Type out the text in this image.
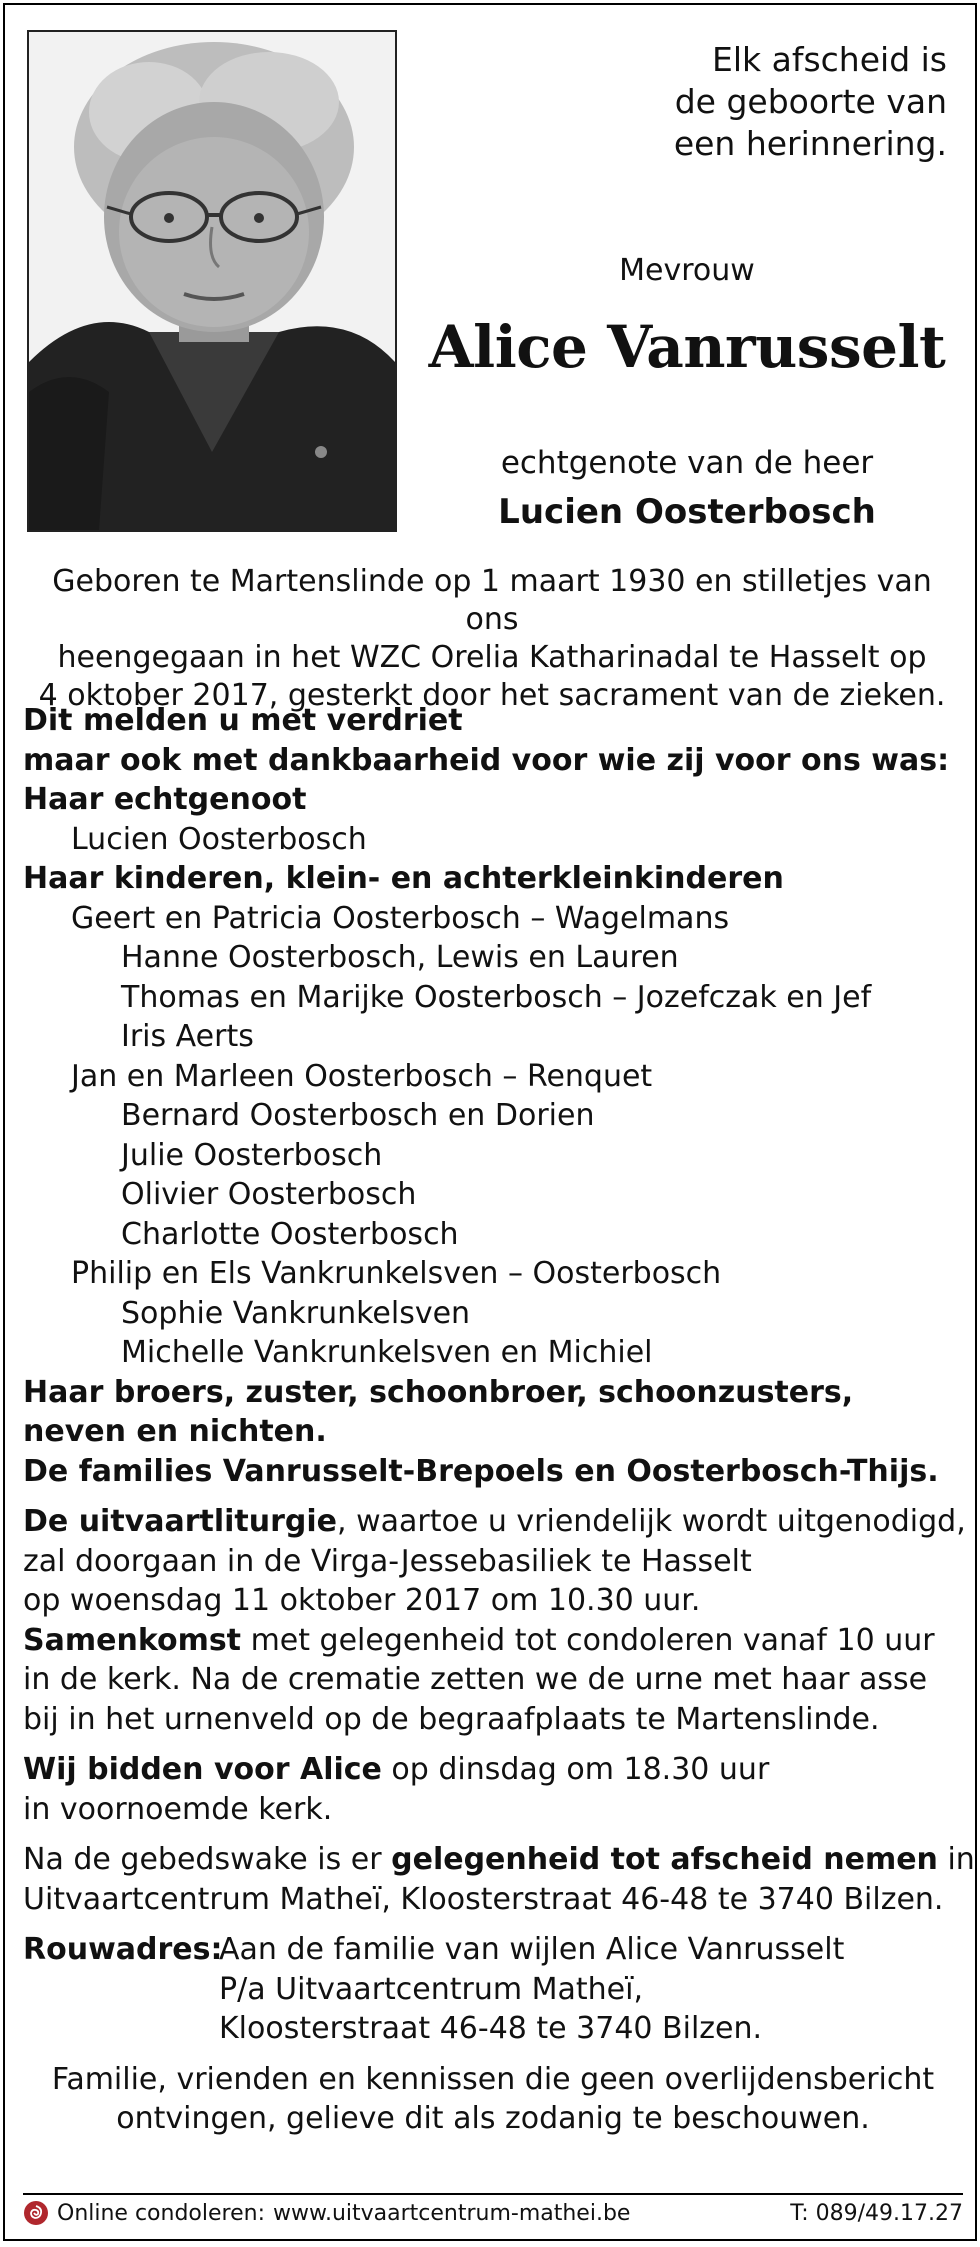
Elk afscheid is
de geboorte van
een herinnering.
Mevrouw
Alice Vanrusselt
echtgenote van de heer
Lucien Oosterbosch
Geboren te Martenslinde op 1 maart 1930 en stilletjes van ons
heengegaan in het WZC Orelia Katharinadal te Hasselt op
4 oktober 2017, gesterkt door het sacrament van de zieken.
Dit melden u met verdriet
maar ook met dankbaarheid voor wie zij voor ons was:
Haar echtgenoot
Lucien Oosterbosch
Haar kinderen, klein- en achterkleinkinderen
Geert en Patricia Oosterbosch – Wagelmans
Hanne Oosterbosch, Lewis en Lauren
Thomas en Marijke Oosterbosch – Jozefczak en Jef
Iris Aerts
Jan en Marleen Oosterbosch – Renquet
Bernard Oosterbosch en Dorien
Julie Oosterbosch
Olivier Oosterbosch
Charlotte Oosterbosch
Philip en Els Vankrunkelsven – Oosterbosch
Sophie Vankrunkelsven
Michelle Vankrunkelsven en Michiel
Haar broers, zuster, schoonbroer, schoonzusters,
neven en nichten.
De families Vanrusselt-Brepoels en Oosterbosch-Thijs.
De uitvaartliturgie, waartoe u vriendelijk wordt uitgenodigd,
zal doorgaan in de Virga-Jessebasiliek te Hasselt
op woensdag 11 oktober 2017 om 10.30 uur.
Samenkomst met gelegenheid tot condoleren vanaf 10 uur
in de kerk. Na de crematie zetten we de urne met haar asse
bij in het urnenveld op de begraafplaats te Martenslinde.
Wij bidden voor Alice op dinsdag om 18.30 uur
in voornoemde kerk.
Na de gebedswake is er gelegenheid tot afscheid nemen in
Uitvaartcentrum Matheï, Kloosterstraat 46-48 te 3740 Bilzen.
Rouwadres:
Aan de familie van wijlen Alice Vanrusselt
P/a Uitvaartcentrum Matheï,
Kloosterstraat 46-48 te 3740 Bilzen.
Familie, vrienden en kennissen die geen overlijdensbericht
ontvingen, gelieve dit als zodanig te beschouwen.
Online condoleren: www.uitvaartcentrum-mathei.be	T: 089/49.17.27
